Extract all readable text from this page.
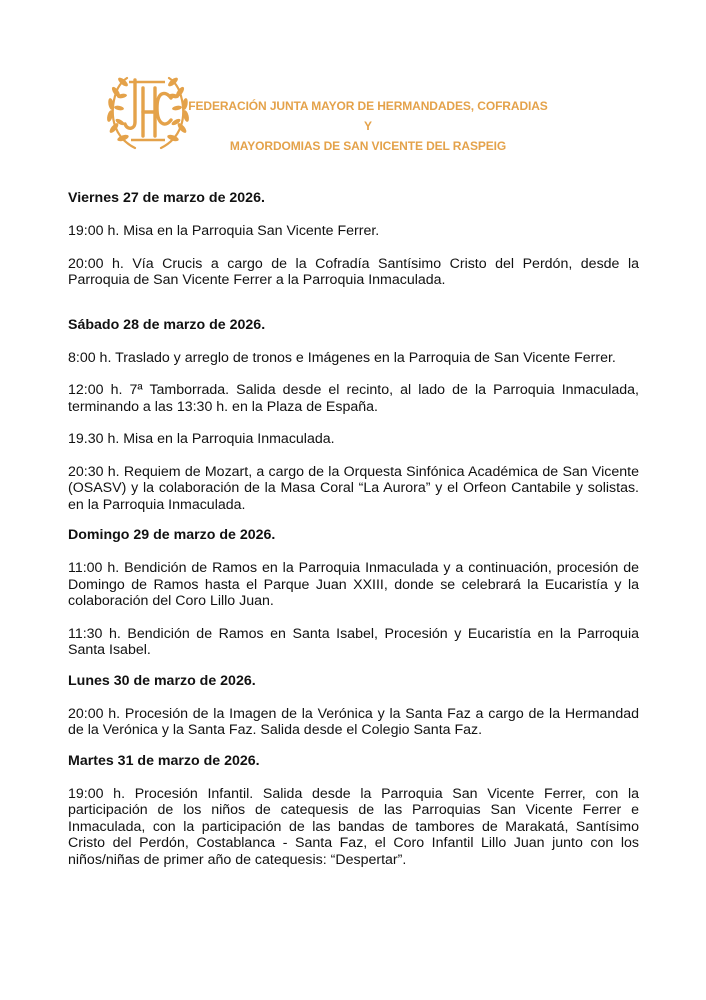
FEDERACIÓN JUNTA MAYOR DE HERMANDADES, COFRADIAS Y
MAYORDOMIAS DE SAN VICENTE DEL RASPEIG
Viernes 27 de marzo de 2026.
19:00 h. Misa en la Parroquia San Vicente Ferrer.
20:00 h. Vía Crucis a cargo de la Cofradía Santísimo Cristo del Perdón, desde la Parroquia de San Vicente Ferrer a la Parroquia Inmaculada.
Sábado 28 de marzo de 2026.
8:00 h. Traslado y arreglo de tronos e Imágenes en la Parroquia de San Vicente Ferrer.
12:00 h. 7ª Tamborrada. Salida desde el recinto, al lado de la Parroquia Inmaculada, terminando a las 13:30 h. en la Plaza de España.
19.30 h. Misa en la Parroquia Inmaculada.
20:30 h. Requiem de Mozart, a cargo de la Orquesta Sinfónica Académica de San Vicente (OSASV) y la colaboración de la Masa Coral “La Aurora” y el Orfeon Cantabile y solistas. en la Parroquia Inmaculada.
Domingo 29 de marzo de 2026.
11:00 h. Bendición de Ramos en la Parroquia Inmaculada y a continuación, procesión de Domingo de Ramos hasta el Parque Juan XXIII, donde se celebrará la Eucaristía y la colaboración del Coro Lillo Juan.
11:30 h. Bendición de Ramos en Santa Isabel, Procesión y Eucaristía en la Parroquia Santa Isabel.
Lunes 30 de marzo de 2026.
20:00 h. Procesión de la Imagen de la Verónica y la Santa Faz a cargo de la Hermandad de la Verónica y la Santa Faz. Salida desde el Colegio Santa Faz.
Martes 31 de marzo de 2026.
19:00 h. Procesión Infantil. Salida desde la Parroquia San Vicente Ferrer, con la participación de los niños de catequesis de las Parroquias San Vicente Ferrer e Inmaculada, con la participación de las bandas de tambores de Marakatá, Santísimo Cristo del Perdón, Costablanca - Santa Faz, el Coro Infantil Lillo Juan junto con los niños/niñas de primer año de catequesis: “Despertar”.
